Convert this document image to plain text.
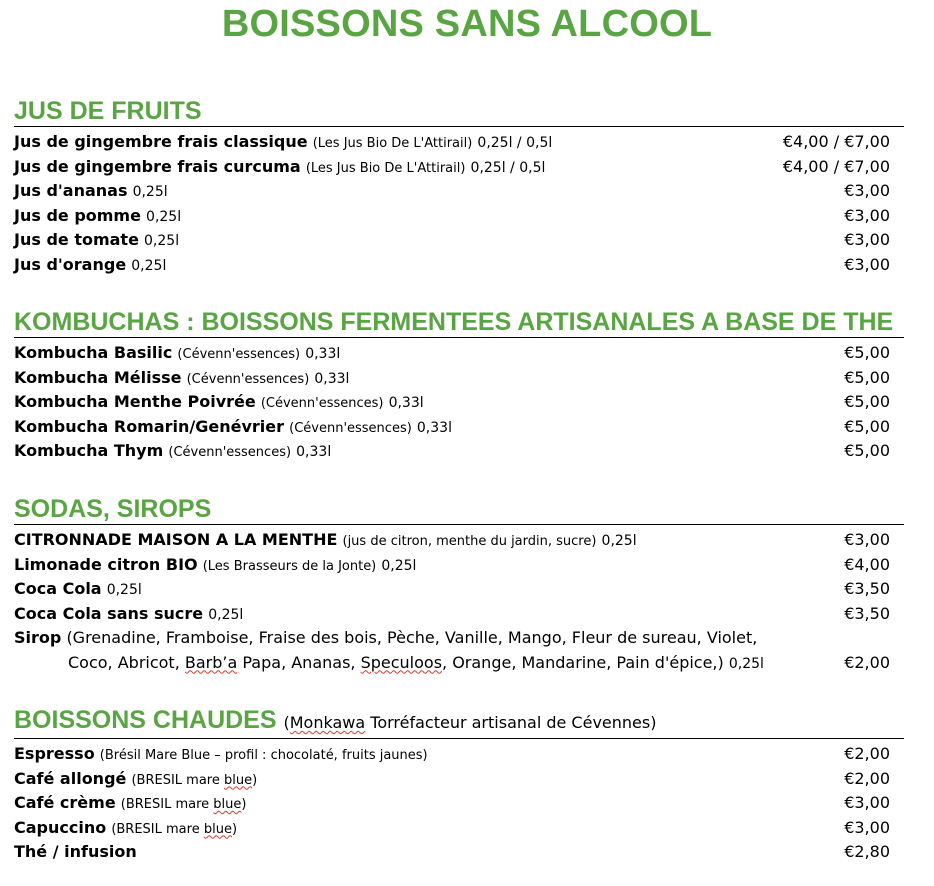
BOISSONS SANS ALCOOL
JUS DE FRUITS
Jus de gingembre frais classique (Les Jus Bio De L'Attirail) 0,25l / 0,5l	€4,00 / €7,00
Jus de gingembre frais curcuma (Les Jus Bio De L'Attirail) 0,25l / 0,5l	€4,00 / €7,00
Jus d'ananas 0,25l	€3,00
Jus de pomme 0,25l	€3,00
Jus de tomate 0,25l	€3,00
Jus d'orange 0,25l	€3,00
KOMBUCHAS : BOISSONS FERMENTEES ARTISANALES A BASE DE THE
Kombucha Basilic (Cévenn'essences) 0,33l	€5,00
Kombucha Mélisse (Cévenn'essences) 0,33l	€5,00
Kombucha Menthe Poivrée (Cévenn'essences) 0,33l	€5,00
Kombucha Romarin/Genévrier (Cévenn'essences) 0,33l	€5,00
Kombucha Thym (Cévenn'essences) 0,33l	€5,00
SODAS, SIROPS
CITRONNADE MAISON A LA MENTHE (jus de citron, menthe du jardin, sucre) 0,25l	€3,00
Limonade citron BIO (Les Brasseurs de la Jonte) 0,25l	€4,00
Coca Cola 0,25l	€3,50
Coca Cola sans sucre 0,25l	€3,50
Sirop (Grenadine, Framboise, Fraise des bois, Pèche, Vanille, Mango, Fleur de sureau, Violet,
Coco, Abricot, Barb’a Papa, Ananas, Speculoos, Orange, Mandarine, Pain d'épice,) 0,25l	€2,00
BOISSONS CHAUDES (Monkawa Torréfacteur artisanal de Cévennes)
Espresso (Brésil Mare Blue – profil : chocolaté, fruits jaunes)	€2,00
Café allongé (BRESIL mare blue)	€2,00
Café crème (BRESIL mare blue)	€3,00
Capuccino (BRESIL mare blue)	€3,00
Thé / infusion	€2,80
